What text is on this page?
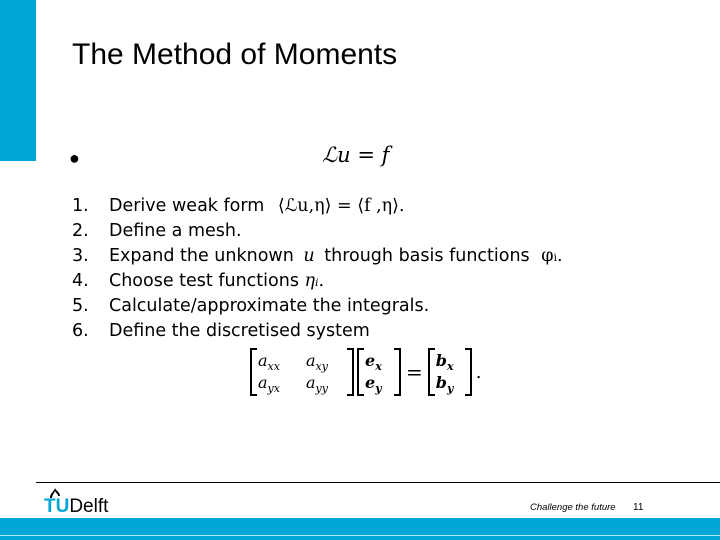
The Method of Moments
●	ℒu = f
1. Derive weak form ⟨ℒu,η⟩ = ⟨f ,η⟩.
2. Define a mesh.
3. Expand the unknown u through basis functions φᵢ.
4. Choose test functions ηᵢ.
5. Calculate/approximate the integrals.
6. Define the discretised system
$a_{xx}$	$a_{xy}$
$a_{yx}$	$a_{yy}$
$e_x$
$e_y$
= $b_x$
$b_y$
.
TUDelft	Challenge the future 11
